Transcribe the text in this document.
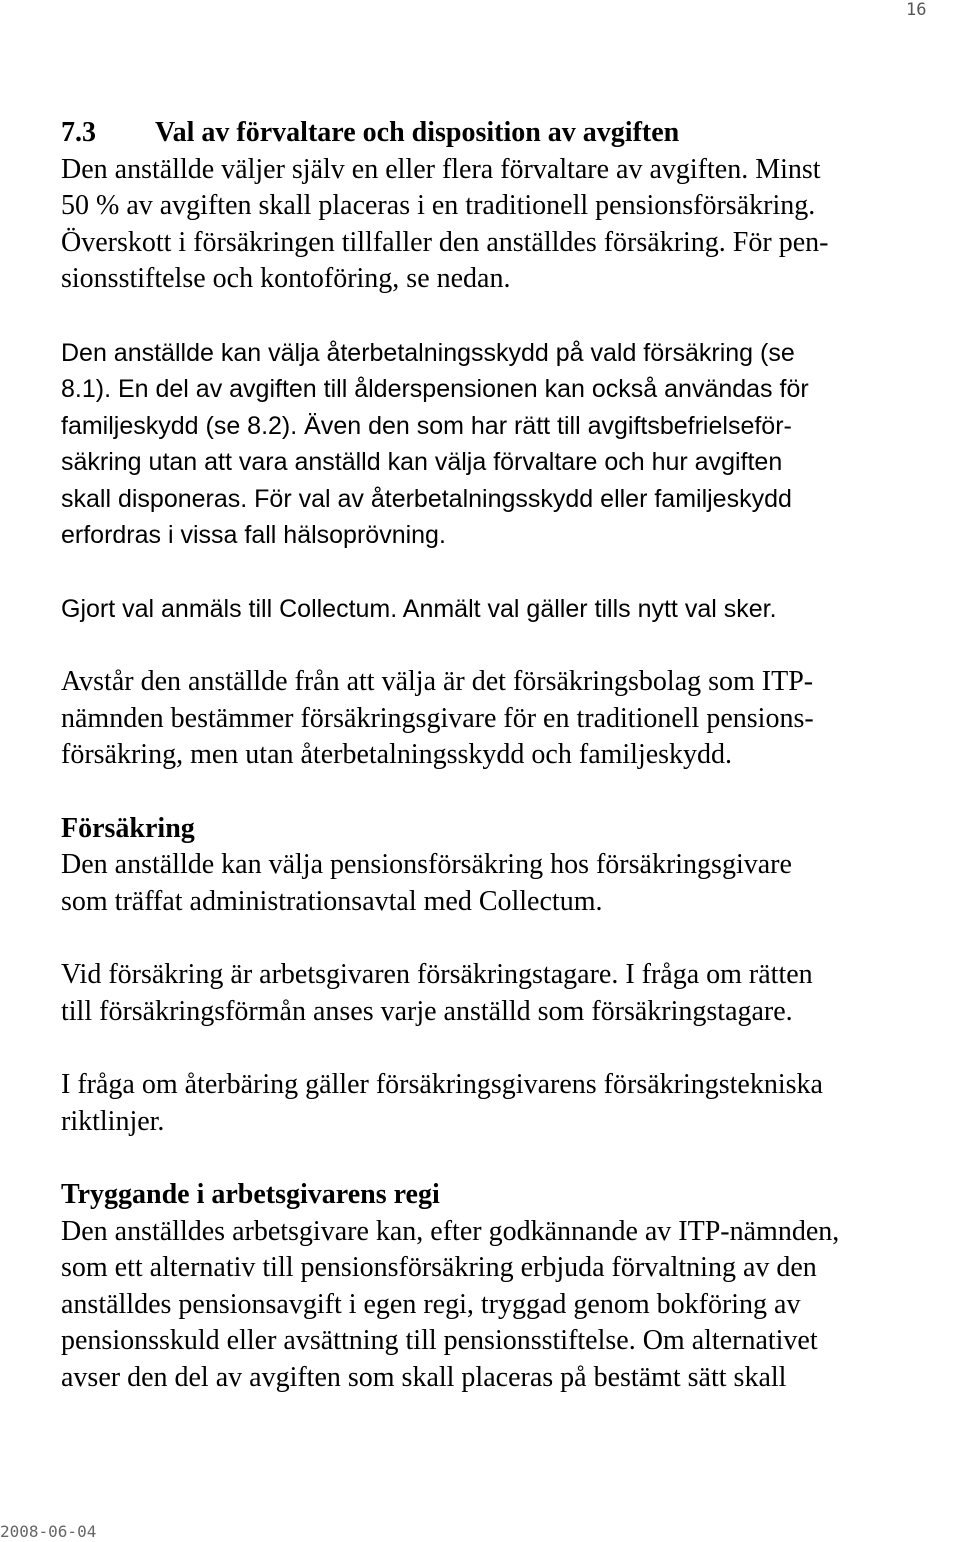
16
7.3 Val av förvaltare och disposition av avgiften
Den anställde väljer själv en eller flera förvaltare av avgiften. Minst
50 % av avgiften skall placeras i en traditionell pensionsförsäkring.
Överskott i försäkringen tillfaller den anställdes försäkring. För pen-
sionsstiftelse och kontoföring, se nedan.
Den anställde kan välja återbetalningsskydd på vald försäkring (se
8.1). En del av avgiften till ålderspensionen kan också användas för
familjeskydd (se 8.2). Även den som har rätt till avgiftsbefrielseför-
säkring utan att vara anställd kan välja förvaltare och hur avgiften
skall disponeras. För val av återbetalningsskydd eller familjeskydd
erfordras i vissa fall hälsoprövning.
Gjort val anmäls till Collectum. Anmält val gäller tills nytt val sker.
Avstår den anställde från att välja är det försäkringsbolag som ITP-
nämnden bestämmer försäkringsgivare för en traditionell pensions-
försäkring, men utan återbetalningsskydd och familjeskydd.
Försäkring
Den anställde kan välja pensionsförsäkring hos försäkringsgivare
som träffat administrationsavtal med Collectum.
Vid försäkring är arbetsgivaren försäkringstagare. I fråga om rätten
till försäkringsförmån anses varje anställd som försäkringstagare.
I fråga om återbäring gäller försäkringsgivarens försäkringstekniska
riktlinjer.
Tryggande i arbetsgivarens regi
Den anställdes arbetsgivare kan, efter godkännande av ITP-nämnden,
som ett alternativ till pensionsförsäkring erbjuda förvaltning av den
anställdes pensionsavgift i egen regi, tryggad genom bokföring av
pensionsskuld eller avsättning till pensionsstiftelse. Om alternativet
avser den del av avgiften som skall placeras på bestämt sätt skall
2008-06-04
